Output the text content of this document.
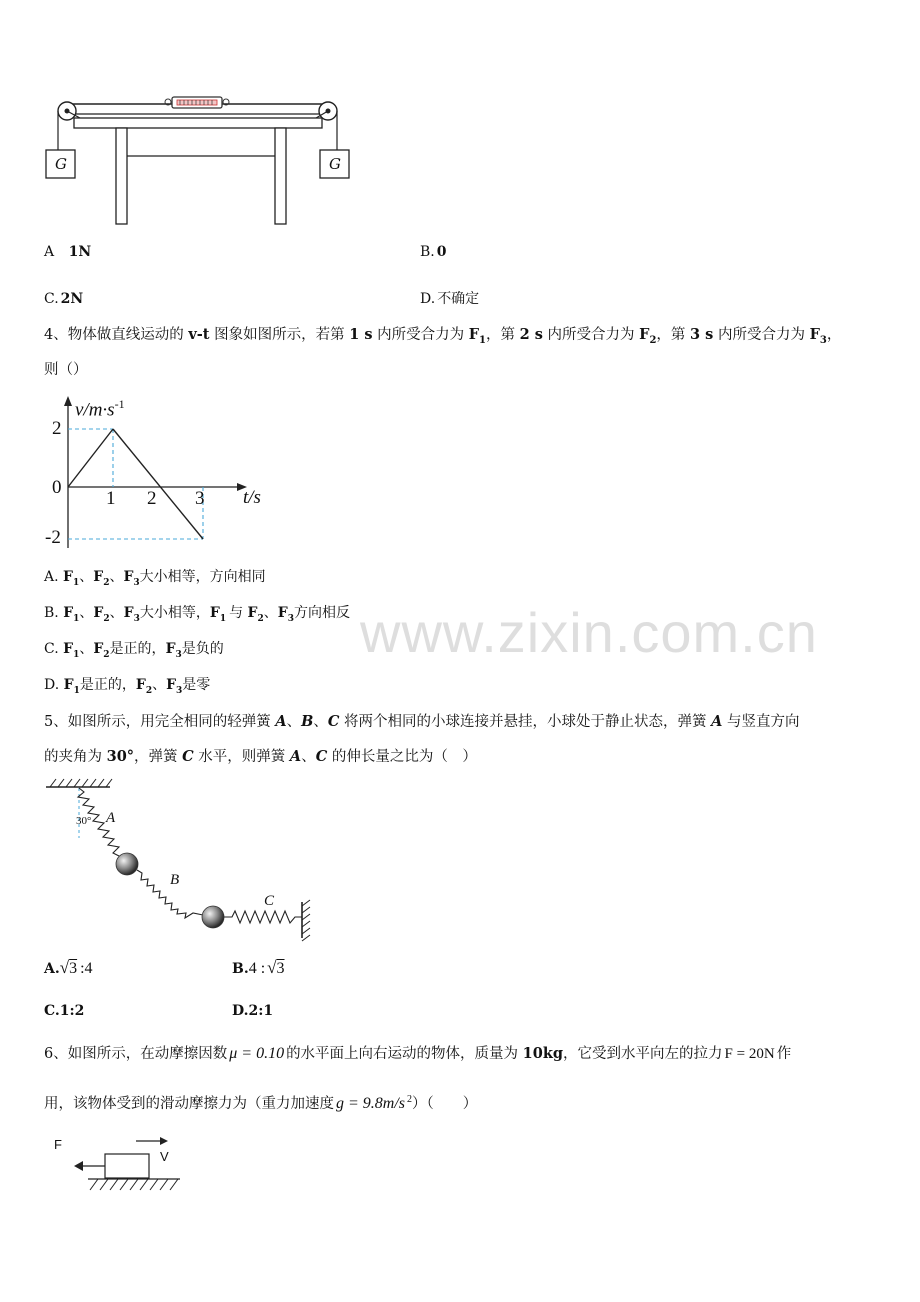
G	G
A 1N	B. 0
C. 2N	D. 不确定
4、物体做直线运动的 v-t 图象如图所示，若第 1 s 内所受合力为 $F_1$，第 2 s 内所受合力为 $F_2$，第 3 s 内所受合力为 $F_3$，
则（）
$v/m\cdot s^{-1}$
t/s
2
0
-2
1 2 3
A. $F_1$、$F_2$、$F_3$大小相等，方向相同
B. $F_1$、$F_2$、$F_3$大小相等，$F_1$ 与 $F_2$、$F_3$方向相反
C. $F_1$、$F_2$是正的，$F_3$是负的
D. $F_1$是正的，$F_2$、$F_3$是零
www.zixin.com.cn
5、如图所示，用完全相同的轻弹簧 A、B、C 将两个相同的小球连接并悬挂，小球处于静止状态，弹簧 A 与竖直方向
的夹角为 30°，弹簧 C 水平，则弹簧 A、C 的伸长量之比为（　）
30° A
B
C
A.√3 :4	B.4 : √3
C.1:2	D.2:1
6、如图所示，在动摩擦因数 μ = 0.10 的水平面上向右运动的物体，质量为 10kg，它受到水平向左的拉力 F = 20N 作
用，该物体受到的滑动摩擦力为（重力加速度 g = 9.8m/s $^2$）（　　）
F
V
